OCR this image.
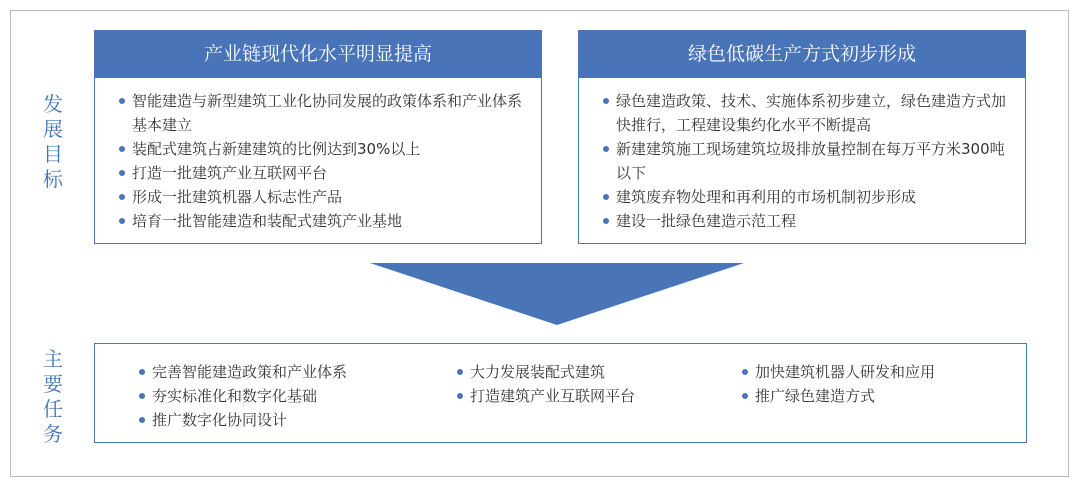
发展目标
主要任务
产业链现代化水平明显提高
智能建造与新型建筑工业化协同发展的政策体系和产业体系基本建立
装配式建筑占新建建筑的比例达到30%以上
打造一批建筑产业互联网平台
形成一批建筑机器人标志性产品
培育一批智能建造和装配式建筑产业基地
绿色低碳生产方式初步形成
绿色建造政策、技术、实施体系初步建立，绿色建造方式加快推行，工程建设集约化水平不断提高
新建建筑施工现场建筑垃圾排放量控制在每万平方米300吨以下
建筑废弃物处理和再利用的市场机制初步形成
建设一批绿色建造示范工程
完善智能建造政策和产业体系
夯实标准化和数字化基础
推广数字化协同设计
大力发展装配式建筑
打造建筑产业互联网平台
加快建筑机器人研发和应用
推广绿色建造方式
